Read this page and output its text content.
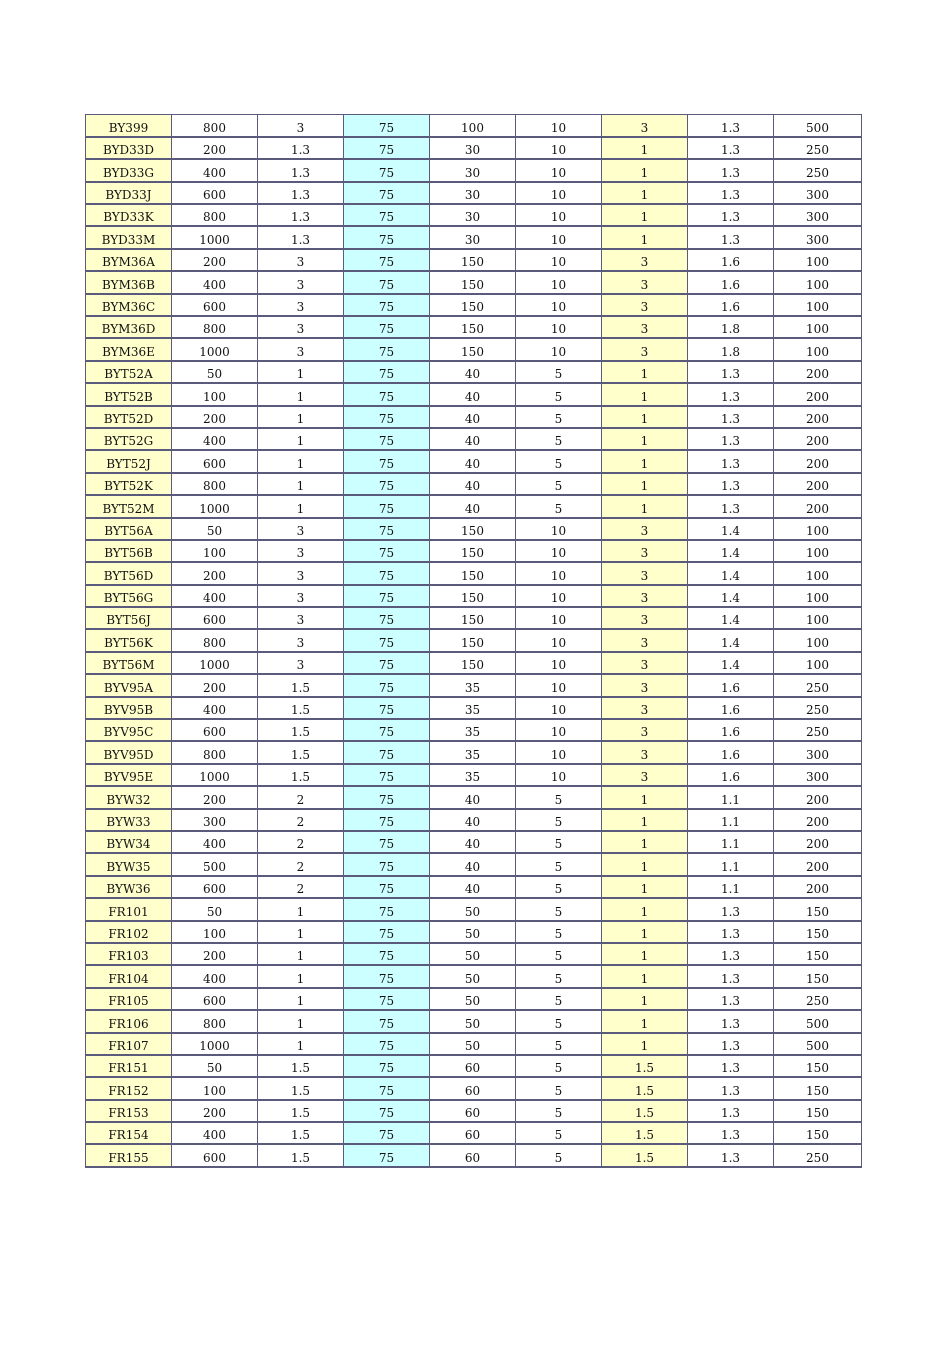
BY399	800	3	75	100	10	3	1.3	500
BYD33D	200	1.3	75	30	10	1	1.3	250
BYD33G	400	1.3	75	30	10	1	1.3	250
BYD33J	600	1.3	75	30	10	1	1.3	300
BYD33K	800	1.3	75	30	10	1	1.3	300
BYD33M	1000	1.3	75	30	10	1	1.3	300
BYM36A	200	3	75	150	10	3	1.6	100
BYM36B	400	3	75	150	10	3	1.6	100
BYM36C	600	3	75	150	10	3	1.6	100
BYM36D	800	3	75	150	10	3	1.8	100
BYM36E	1000	3	75	150	10	3	1.8	100
BYT52A	50	1	75	40	5	1	1.3	200
BYT52B	100	1	75	40	5	1	1.3	200
BYT52D	200	1	75	40	5	1	1.3	200
BYT52G	400	1	75	40	5	1	1.3	200
BYT52J	600	1	75	40	5	1	1.3	200
BYT52K	800	1	75	40	5	1	1.3	200
BYT52M	1000	1	75	40	5	1	1.3	200
BYT56A	50	3	75	150	10	3	1.4	100
BYT56B	100	3	75	150	10	3	1.4	100
BYT56D	200	3	75	150	10	3	1.4	100
BYT56G	400	3	75	150	10	3	1.4	100
BYT56J	600	3	75	150	10	3	1.4	100
BYT56K	800	3	75	150	10	3	1.4	100
BYT56M	1000	3	75	150	10	3	1.4	100
BYV95A	200	1.5	75	35	10	3	1.6	250
BYV95B	400	1.5	75	35	10	3	1.6	250
BYV95C	600	1.5	75	35	10	3	1.6	250
BYV95D	800	1.5	75	35	10	3	1.6	300
BYV95E	1000	1.5	75	35	10	3	1.6	300
BYW32	200	2	75	40	5	1	1.1	200
BYW33	300	2	75	40	5	1	1.1	200
BYW34	400	2	75	40	5	1	1.1	200
BYW35	500	2	75	40	5	1	1.1	200
BYW36	600	2	75	40	5	1	1.1	200
FR101	50	1	75	50	5	1	1.3	150
FR102	100	1	75	50	5	1	1.3	150
FR103	200	1	75	50	5	1	1.3	150
FR104	400	1	75	50	5	1	1.3	150
FR105	600	1	75	50	5	1	1.3	250
FR106	800	1	75	50	5	1	1.3	500
FR107	1000	1	75	50	5	1	1.3	500
FR151	50	1.5	75	60	5	1.5	1.3	150
FR152	100	1.5	75	60	5	1.5	1.3	150
FR153	200	1.5	75	60	5	1.5	1.3	150
FR154	400	1.5	75	60	5	1.5	1.3	150
FR155	600	1.5	75	60	5	1.5	1.3	250
